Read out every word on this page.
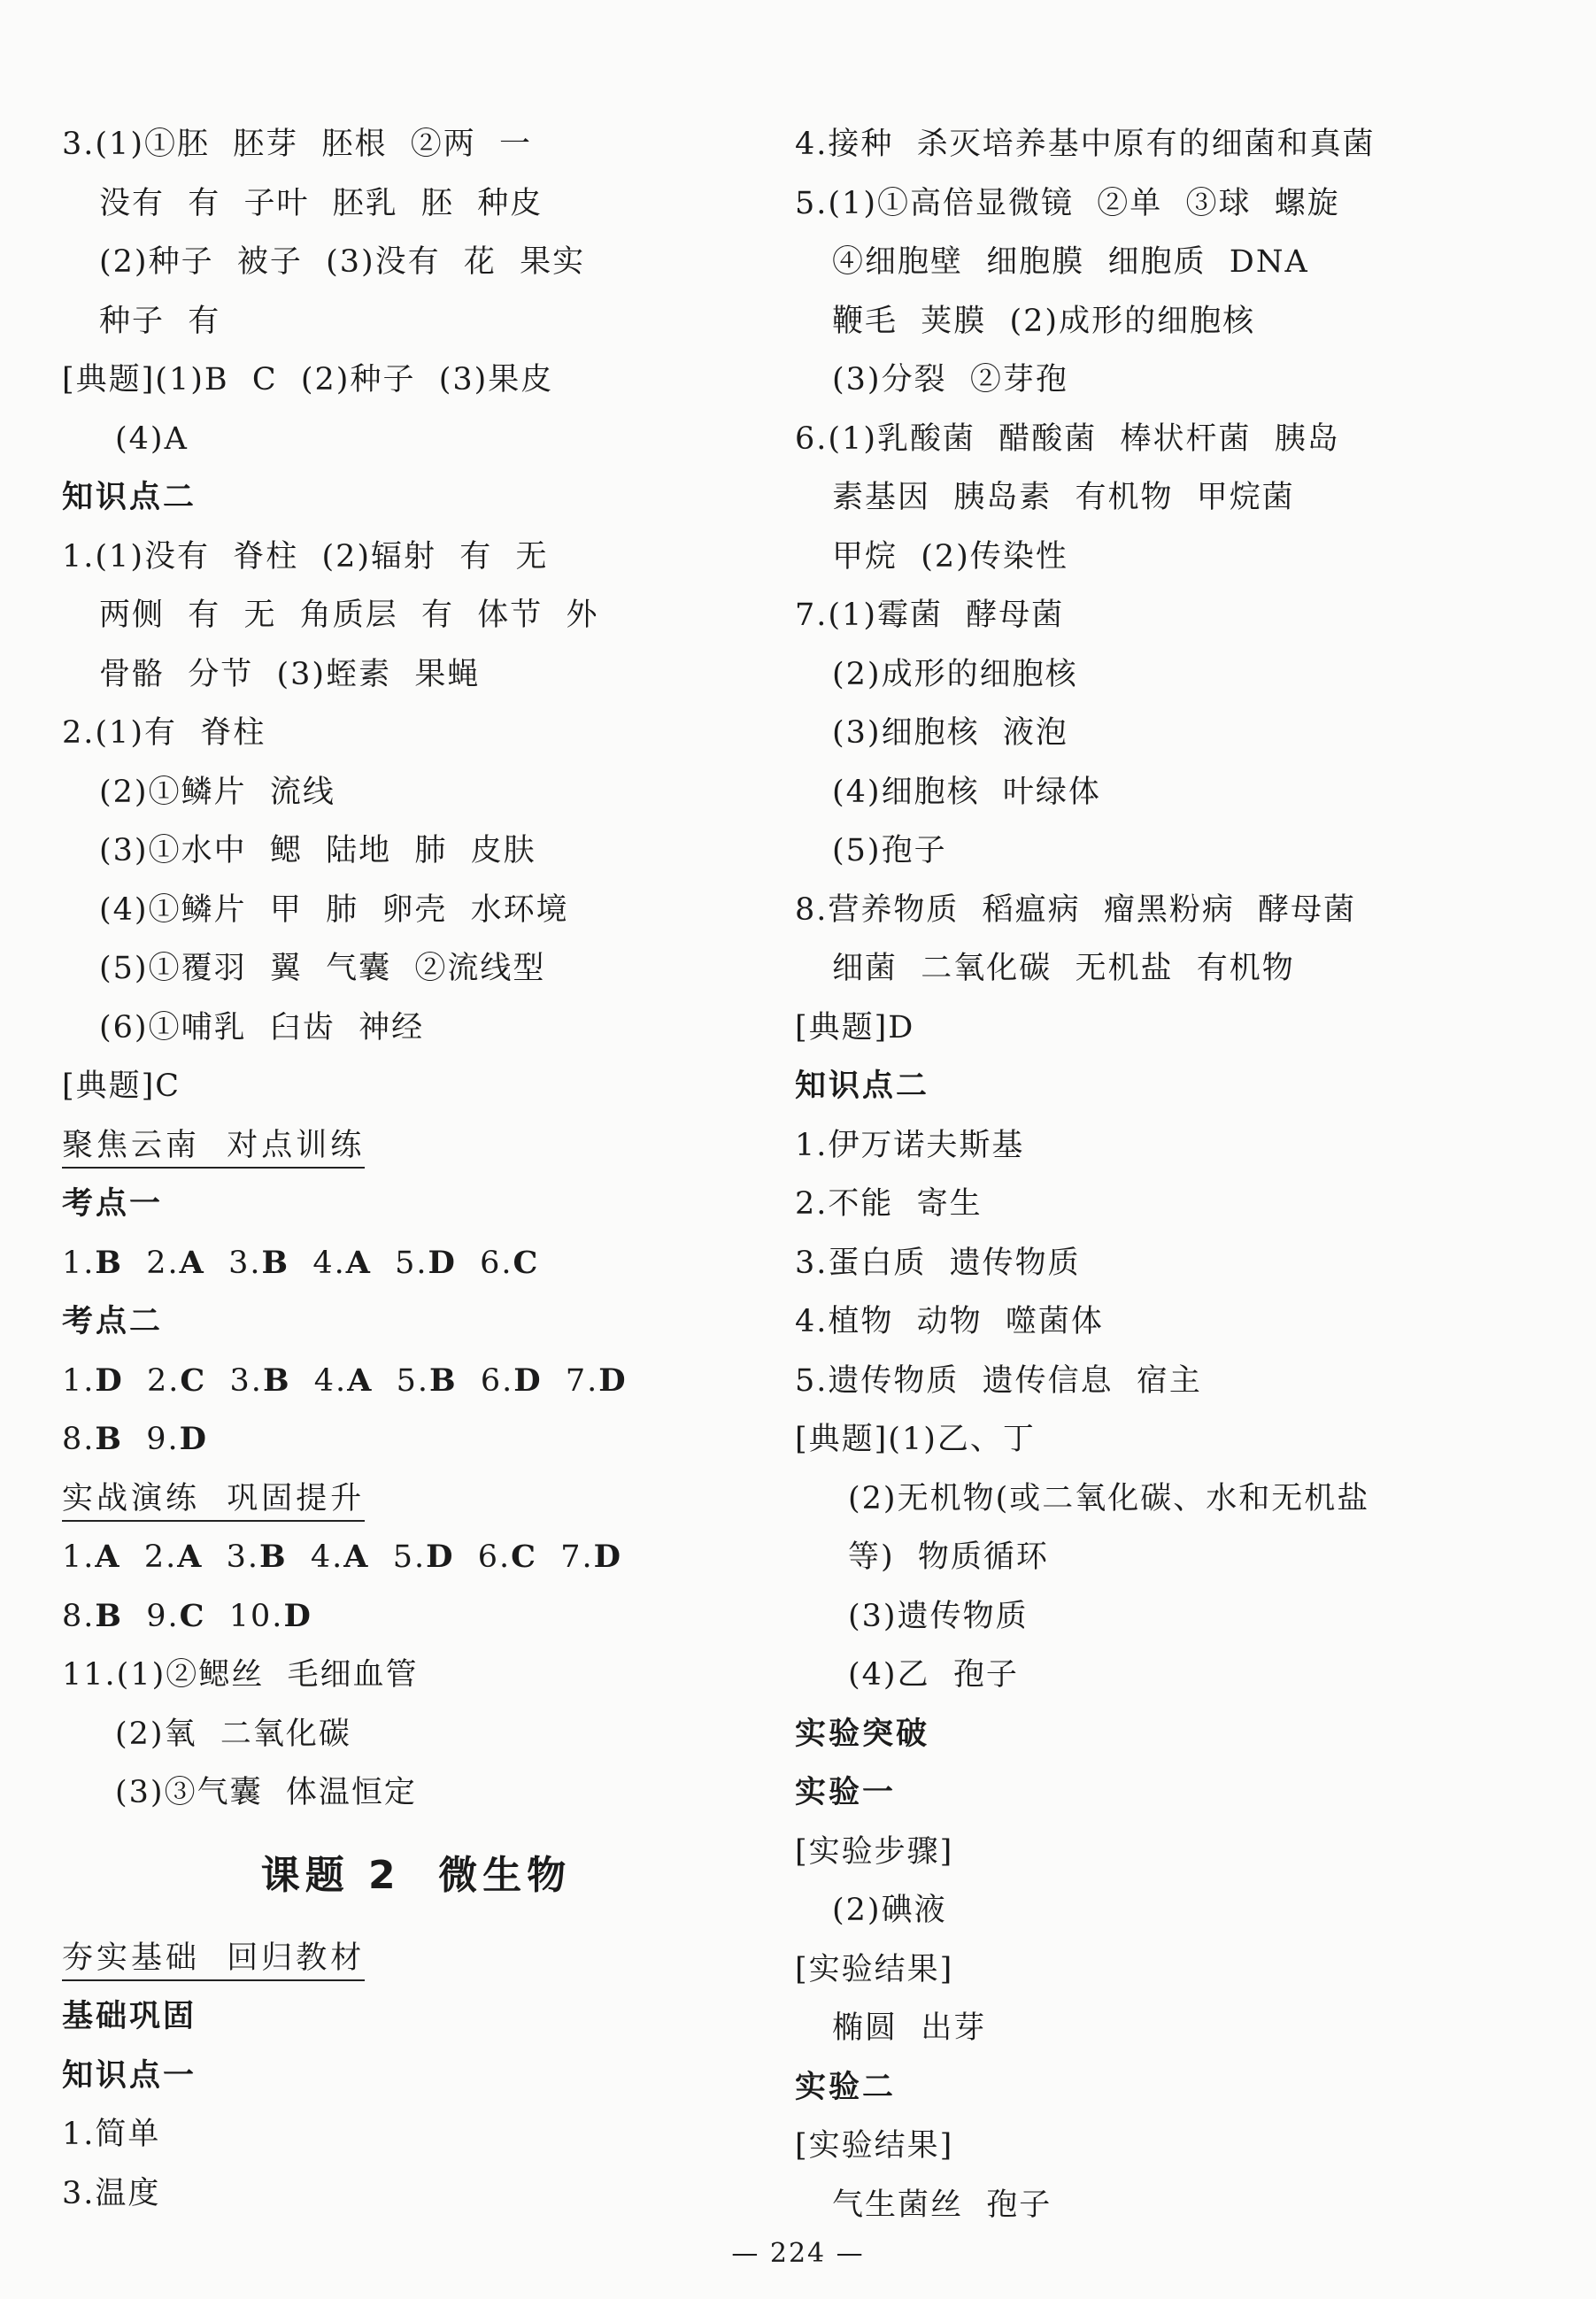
3.(1)①胚  胚芽  胚根  ②两  一
没有  有  子叶  胚乳  胚  种皮
(2)种子  被子  (3)没有  花  果实
种子  有
[典题](1)B  C  (2)种子  (3)果皮
(4)A
知识点二
1.(1)没有  脊柱  (2)辐射  有  无
两侧  有  无  角质层  有  体节  外
骨骼  分节  (3)蛭素  果蝇
2.(1)有  脊柱
(2)①鳞片  流线
(3)①水中  鳃  陆地  肺  皮肤
(4)①鳞片  甲  肺  卵壳  水环境
(5)①覆羽  翼  气囊  ②流线型
(6)①哺乳  臼齿  神经
[典题]C
聚焦云南  对点训练
考点一
1.B  2.A  3.B  4.A  5.D  6.C
考点二
1.D  2.C  3.B  4.A  5.B  6.D  7.D
8.B  9.D
实战演练  巩固提升
1.A  2.A  3.B  4.A  5.D  6.C  7.D
8.B  9.C  10.D
11.(1)②鳃丝  毛细血管
(2)氧  二氧化碳
(3)③气囊  体温恒定
课题 2  微生物
夯实基础  回归教材
基础巩固
知识点一
1.简单
3.温度
4.接种  杀灭培养基中原有的细菌和真菌
5.(1)①高倍显微镜  ②单  ③球  螺旋
④细胞壁  细胞膜  细胞质  DNA
鞭毛  荚膜  (2)成形的细胞核
(3)分裂  ②芽孢
6.(1)乳酸菌  醋酸菌  棒状杆菌  胰岛
素基因  胰岛素  有机物  甲烷菌
甲烷  (2)传染性
7.(1)霉菌  酵母菌
(2)成形的细胞核
(3)细胞核  液泡
(4)细胞核  叶绿体
(5)孢子
8.营养物质  稻瘟病  瘤黑粉病  酵母菌
细菌  二氧化碳  无机盐  有机物
[典题]D
知识点二
1.伊万诺夫斯基
2.不能  寄生
3.蛋白质  遗传物质
4.植物  动物  噬菌体
5.遗传物质  遗传信息  宿主
[典题](1)乙、丁
(2)无机物(或二氧化碳、水和无机盐
等)  物质循环
(3)遗传物质
(4)乙  孢子
实验突破
实验一
[实验步骤]
(2)碘液
[实验结果]
椭圆  出芽
实验二
[实验结果]
气生菌丝  孢子
— 224 —
